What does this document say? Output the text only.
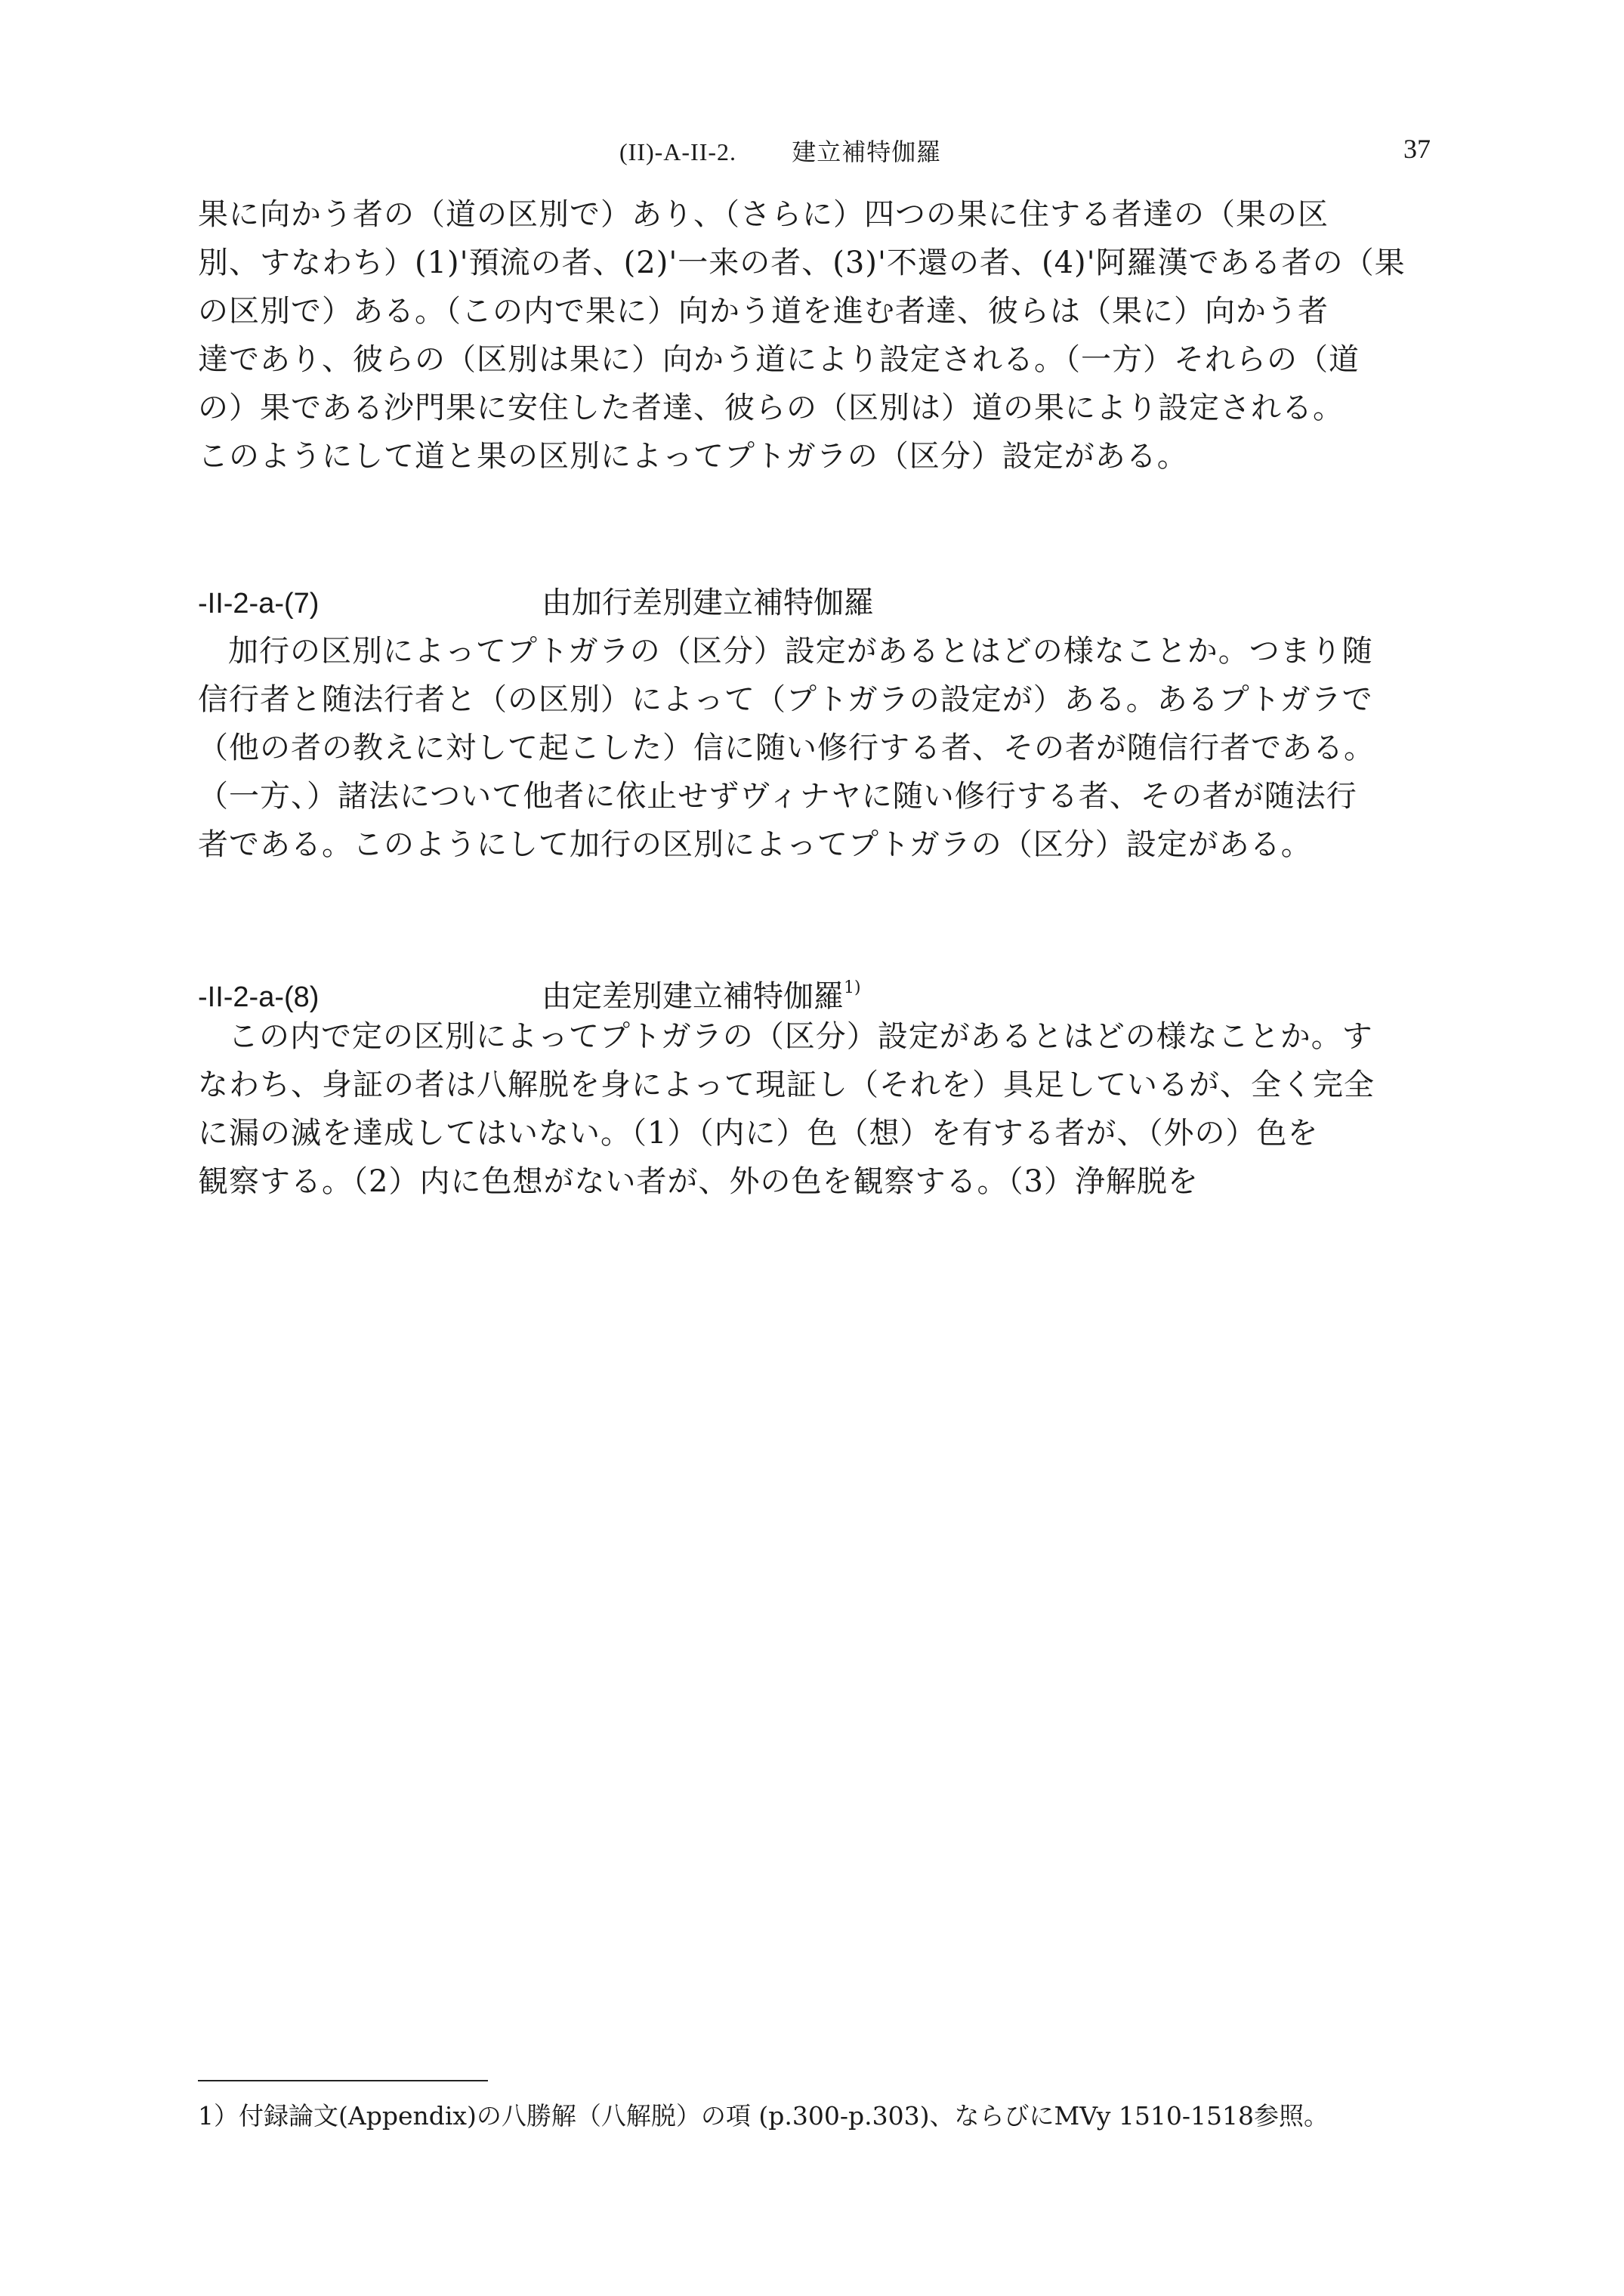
(II)-A-II-2. 建立補特伽羅	37

果に向かう者の（道の区別で）あり、（さらに）四つの果に住する者達の（果の区

別、すなわち）(1)'預流の者、(2)'一来の者、(3)'不還の者、(4)'阿羅漢である者の（果

の区別で）ある。（この内で果に）向かう道を進む者達、彼らは（果に）向かう者

達であり、彼らの（区別は果に）向かう道により設定される。（一方）それらの（道

の）果である沙門果に安住した者達、彼らの（区別は）道の果により設定される。

このようにして道と果の区別によってプトガラの（区分）設定がある。

-II-2-a-(7)	由加行差別建立補特伽羅

加行の区別によってプトガラの（区分）設定があるとはどの様なことか。つまり随

信行者と随法行者と（の区別）によって（プトガラの設定が）ある。あるプトガラで

（他の者の教えに対して起こした）信に随い修行する者、その者が随信行者である。

（一方、）諸法について他者に依止せずヴィナヤに随い修行する者、その者が随法行

者である。このようにして加行の区別によってプトガラの（区分）設定がある。

-II-2-a-(8)	由定差別建立補特伽羅$^{1)}$

この内で定の区別によってプトガラの（区分）設定があるとはどの様なことか。す

なわち、身証の者は八解脱を身によって現証し（それを）具足しているが、全く完全

に漏の滅を達成してはいない。（1）（内に）色（想）を有する者が、（外の）色を

観察する。（2）内に色想がない者が、外の色を観察する。（3）浄解脱を

1）付録論文(Appendix)の八勝解（八解脱）の項 (p.300-p.303)、ならびにMVy 1510-1518参照。
